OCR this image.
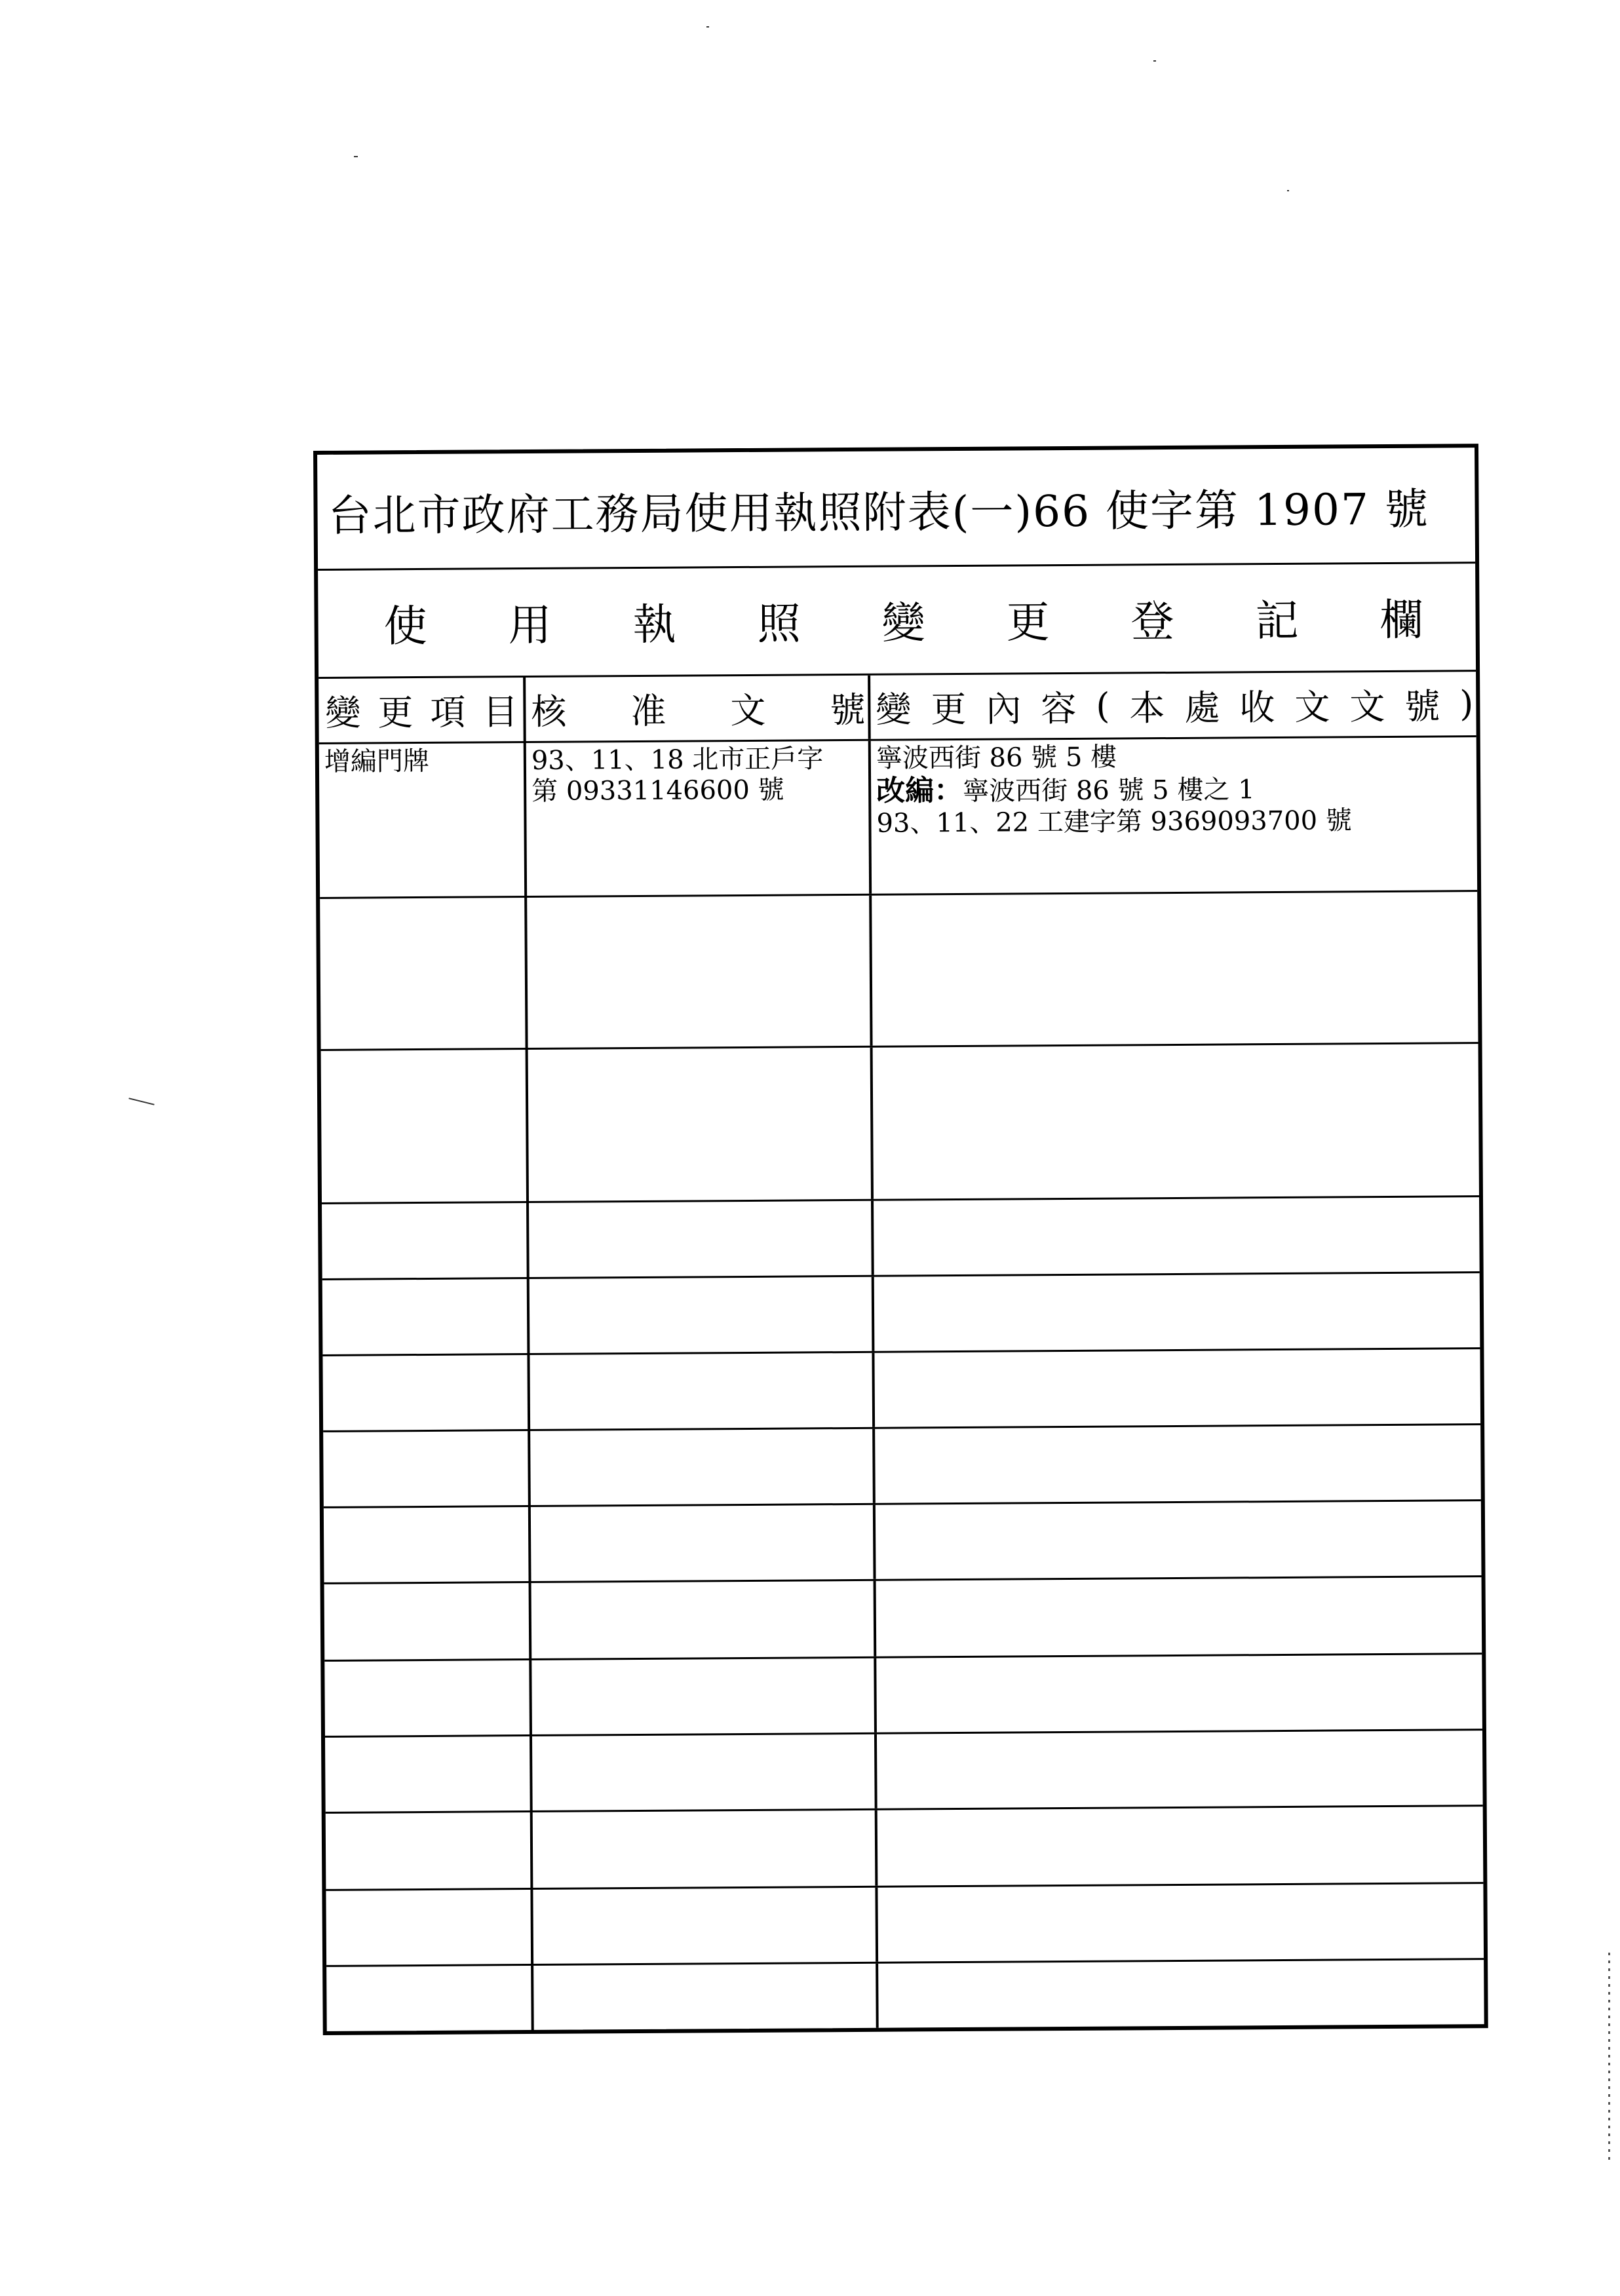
台北市政府工務局使用執照附表(一)66 使字第 1907 號
使 用 執 照 變 更 登 記 欄
變 更 項 目 核 准 文 號 變 更 內 容 ( 本 處 收 文 文 號 )
增編門牌	93、11、18 北市正戶字
第 09331146600 號
寧波西街 86 號 5 樓
改編：寧波西街 86 號 5 樓之 1
93、11、22 工建字第 9369093700 號
